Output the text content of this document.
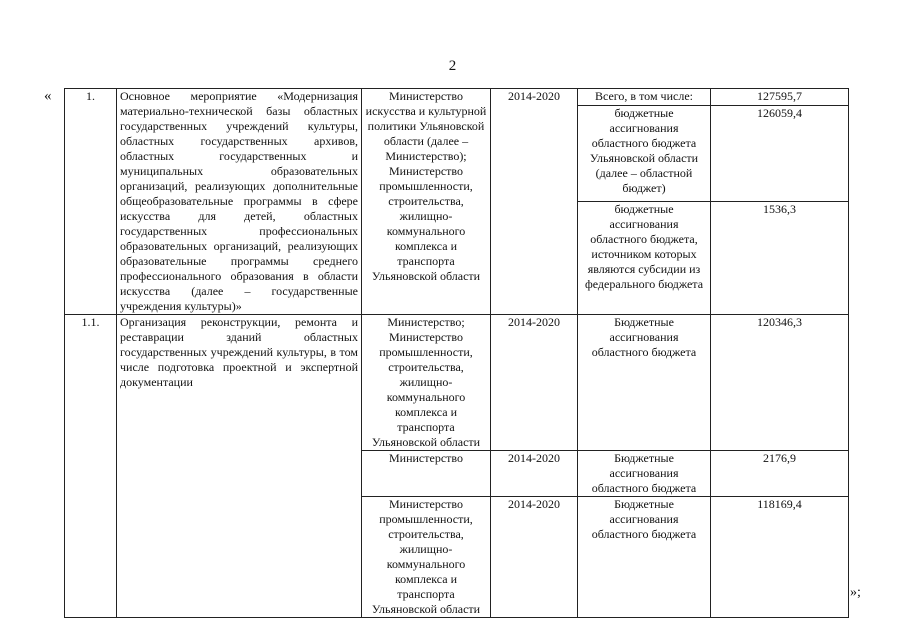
2
«	1.	Основное мероприятие «Модернизация материально-технической базы областных государственных учреждений культуры, областных государственных архивов, областных государственных и муниципальных образовательных организаций, реализующих дополнительные общеобразовательные программы в сфере искусства для детей, областных государственных профессиональных образовательных организаций, реализующих образовательные программы среднего профессионального образования в области искусства (далее – государственные учреждения культуры)»	Министерство искусства и культурной политики Ульяновской области (далее – Министерство); Министерство промышленности, строительства, жилищно-коммунального комплекса и транспорта Ульяновской области	2014-2020	Всего, в том числе:	127595,7
				бюджетные ассигнования областного бюджета Ульяновской области (далее – областной бюджет)	126059,4
				бюджетные ассигнования областного бюджета, источником которых являются субсидии из федерального бюджета	1536,3
1.1.	Организация реконструкции, ремонта и реставрации зданий областных государственных учреждений культуры, в том числе подготовка проектной и экспертной документации	Министерство; Министерство промышленности, строительства, жилищно-коммунального комплекса и транспорта Ульяновской области	2014-2020	Бюджетные ассигнования областного бюджета	120346,3
		Министерство	2014-2020	Бюджетные ассигнования областного бюджета	2176,9
		Министерство промышленности, строительства, жилищно-коммунального комплекса и транспорта Ульяновской области	2014-2020	Бюджетные ассигнования областного бюджета	118169,4
»;
